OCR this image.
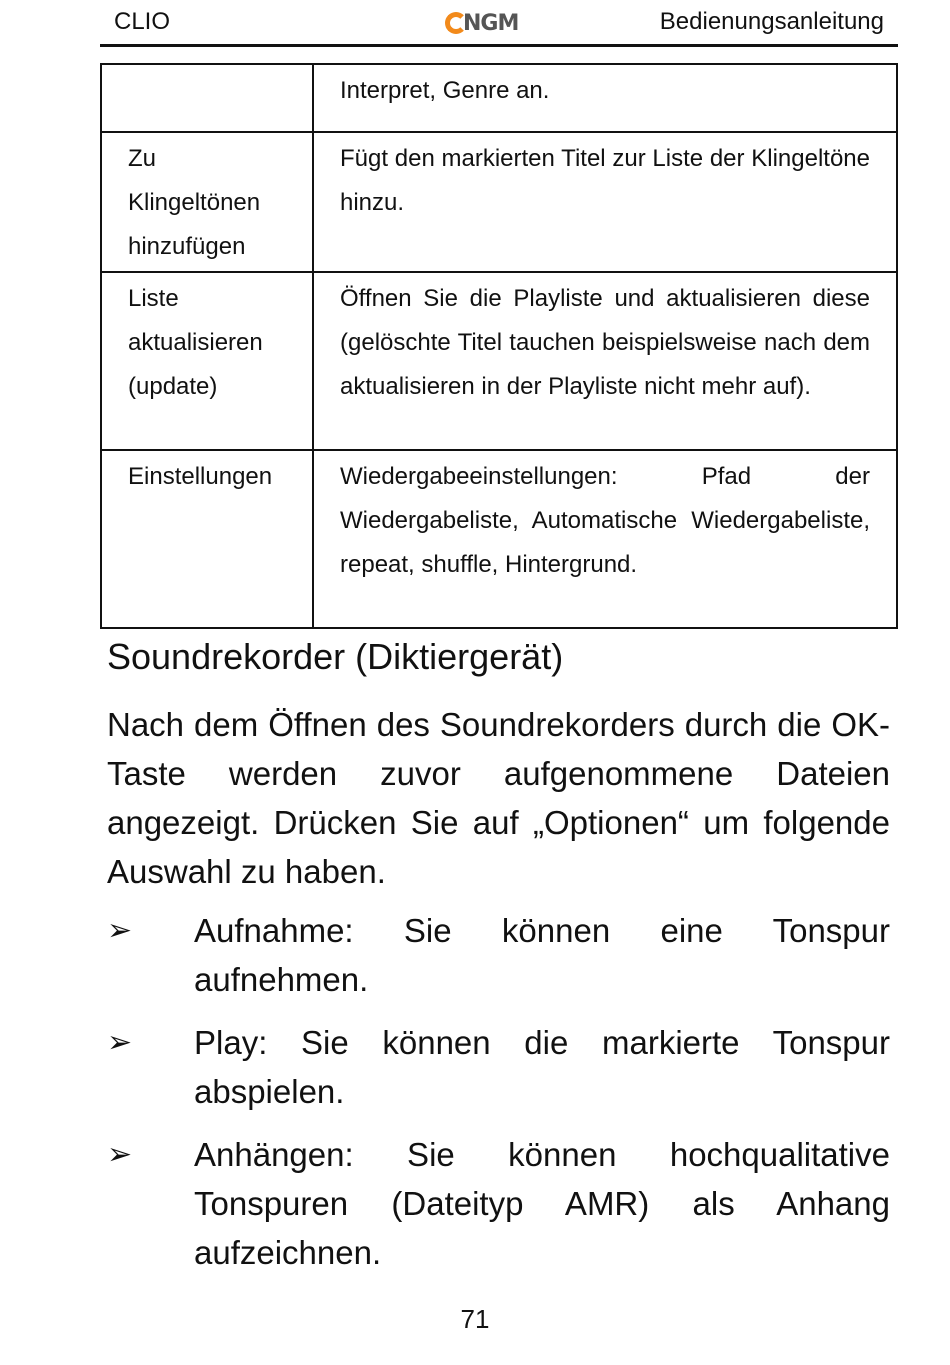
CLIO	NGM	Bedienungsanleitung
	Interpret, Genre an.
Zu Klingeltönen hinzufügen	Fügt den markierten Titel zur Liste der Klingeltöne hinzu.
Liste aktualisieren (update)	Öffnen Sie die Playliste und aktualisieren diese (gelöschte Titel tauchen beispielsweise nach dem aktualisieren in der Playliste nicht mehr auf).
Einstellungen	Wiedergabeeinstellungen: Pfad der Wiedergabeliste, Automatische Wiedergabeliste, repeat, shuffle, Hintergrund.
Soundrekorder (Diktiergerät)

Nach dem Öffnen des Soundrekorders durch die OK-Taste werden zuvor aufgenommene Dateien angezeigt. Drücken Sie auf „Optionen“ um folgende Auswahl zu haben.

➢ Aufnahme: Sie können eine Tonspur aufnehmen.
➢ Play: Sie können die markierte Tonspur abspielen.
➢ Anhängen: Sie können hochqualitative Tonspuren (Dateityp AMR) als Anhang aufzeichnen.
71
